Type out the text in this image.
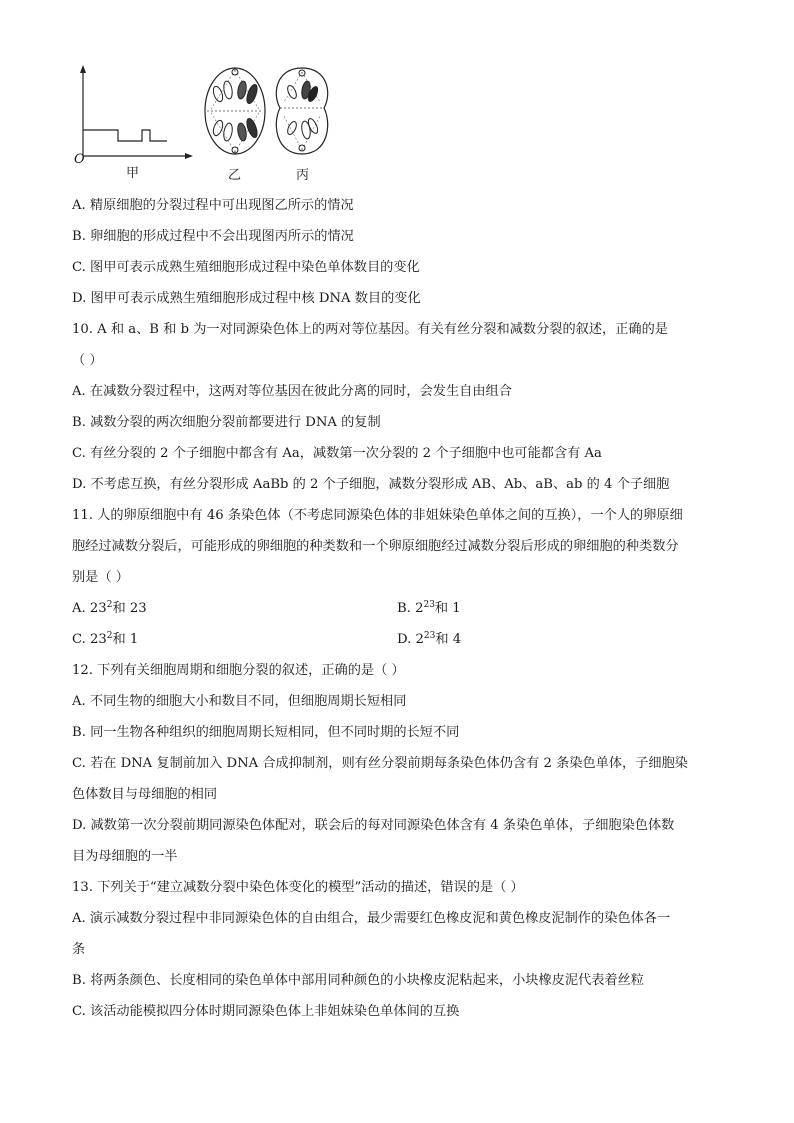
O
甲	乙	丙
A. 精原细胞的分裂过程中可出现图乙所示的情况
B. 卵细胞的形成过程中不会出现图丙所示的情况
C. 图甲可表示成熟生殖细胞形成过程中染色单体数目的变化
D. 图甲可表示成熟生殖细胞形成过程中核 DNA 数目的变化
10. A 和 a、B 和 b 为一对同源染色体上的两对等位基因。有关有丝分裂和减数分裂的叙述，正确的是
（ ）
A. 在减数分裂过程中，这两对等位基因在彼此分离的同时，会发生自由组合
B. 减数分裂的两次细胞分裂前都要进行 DNA 的复制
C. 有丝分裂的 2 个子细胞中都含有 Aa，减数第一次分裂的 2 个子细胞中也可能都含有 Aa
D. 不考虑互换，有丝分裂形成 AaBb 的 2 个子细胞，减数分裂形成 AB、Ab、aB、ab 的 4 个子细胞
11. 人的卵原细胞中有 46 条染色体（不考虑同源染色体的非姐妹染色单体之间的互换），一个人的卵原细
胞经过减数分裂后，可能形成的卵细胞的种类数和一个卵原细胞经过减数分裂后形成的卵细胞的种类数分
别是（ ）
A. $23^2$和 23	B. $2^{23}$和 1
C. $23^2$和 1	D. $2^{23}$和 4
12. 下列有关细胞周期和细胞分裂的叙述，正确的是（ ）
A. 不同生物的细胞大小和数目不同，但细胞周期长短相同
B. 同一生物各种组织的细胞周期长短相同，但不同时期的长短不同
C. 若在 DNA 复制前加入 DNA 合成抑制剂，则有丝分裂前期每条染色体仍含有 2 条染色单体，子细胞染
色体数目与母细胞的相同
D. 减数第一次分裂前期同源染色体配对，联会后的每对同源染色体含有 4 条染色单体，子细胞染色体数
目为母细胞的一半
13. 下列关于“建立减数分裂中染色体变化的模型”活动的描述，错误的是（ ）
A. 演示减数分裂过程中非同源染色体的自由组合，最少需要红色橡皮泥和黄色橡皮泥制作的染色体各一
条
B. 将两条颜色、长度相同的染色单体中部用同种颜色的小块橡皮泥粘起来，小块橡皮泥代表着丝粒
C. 该活动能模拟四分体时期同源染色体上非姐妹染色单体间的互换
